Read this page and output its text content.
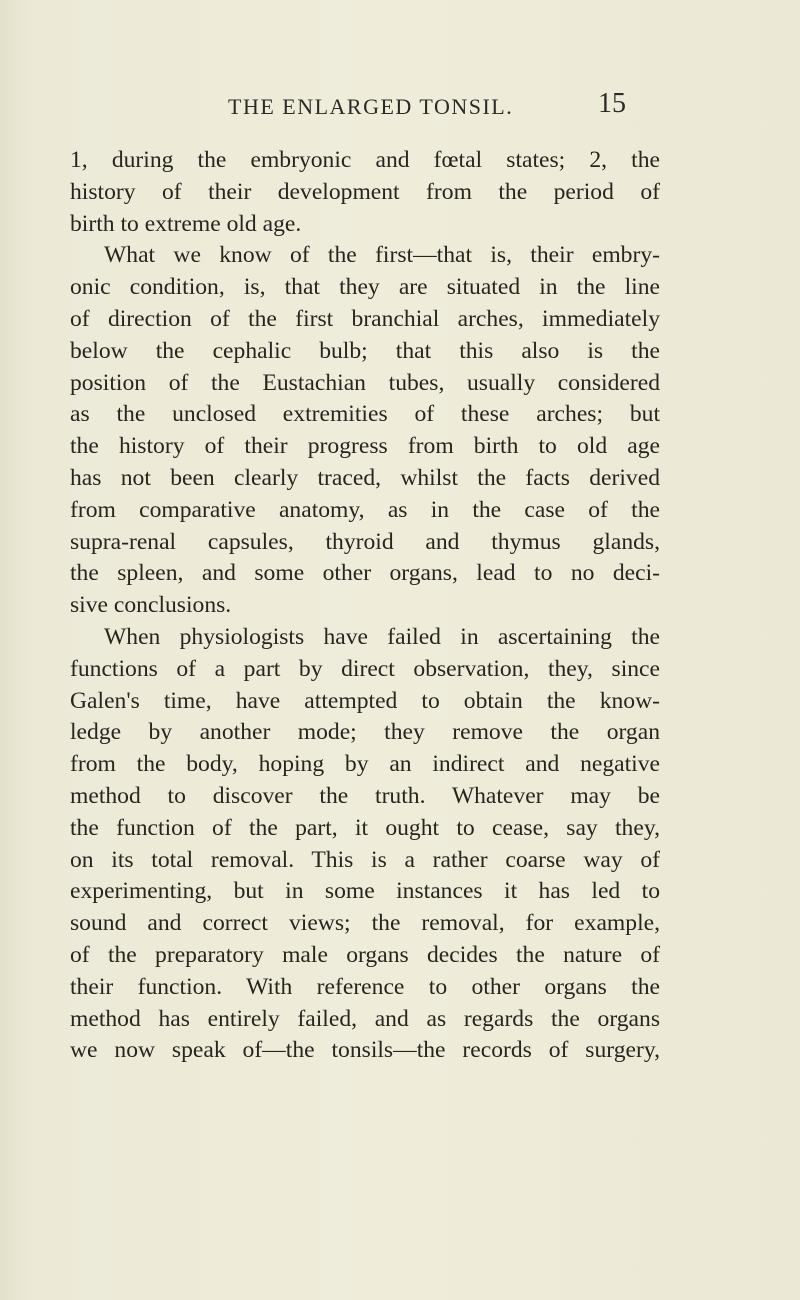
THE ENLARGED TONSIL.	15
1, during the embryonic and fœtal states; 2, the
history of their development from the period of
birth to extreme old age.
What we know of the first—that is, their embry-
onic condition, is, that they are situated in the line
of direction of the first branchial arches, immediately
below the cephalic bulb; that this also is the
position of the Eustachian tubes, usually considered
as the unclosed extremities of these arches; but
the history of their progress from birth to old age
has not been clearly traced, whilst the facts derived
from comparative anatomy, as in the case of the
supra-renal capsules, thyroid and thymus glands,
the spleen, and some other organs, lead to no deci-
sive conclusions.
When physiologists have failed in ascertaining the
functions of a part by direct observation, they, since
Galen's time, have attempted to obtain the know-
ledge by another mode; they remove the organ
from the body, hoping by an indirect and negative
method to discover the truth. Whatever may be
the function of the part, it ought to cease, say they,
on its total removal. This is a rather coarse way of
experimenting, but in some instances it has led to
sound and correct views; the removal, for example,
of the preparatory male organs decides the nature of
their function. With reference to other organs the
method has entirely failed, and as regards the organs
we now speak of—the tonsils—the records of surgery,
